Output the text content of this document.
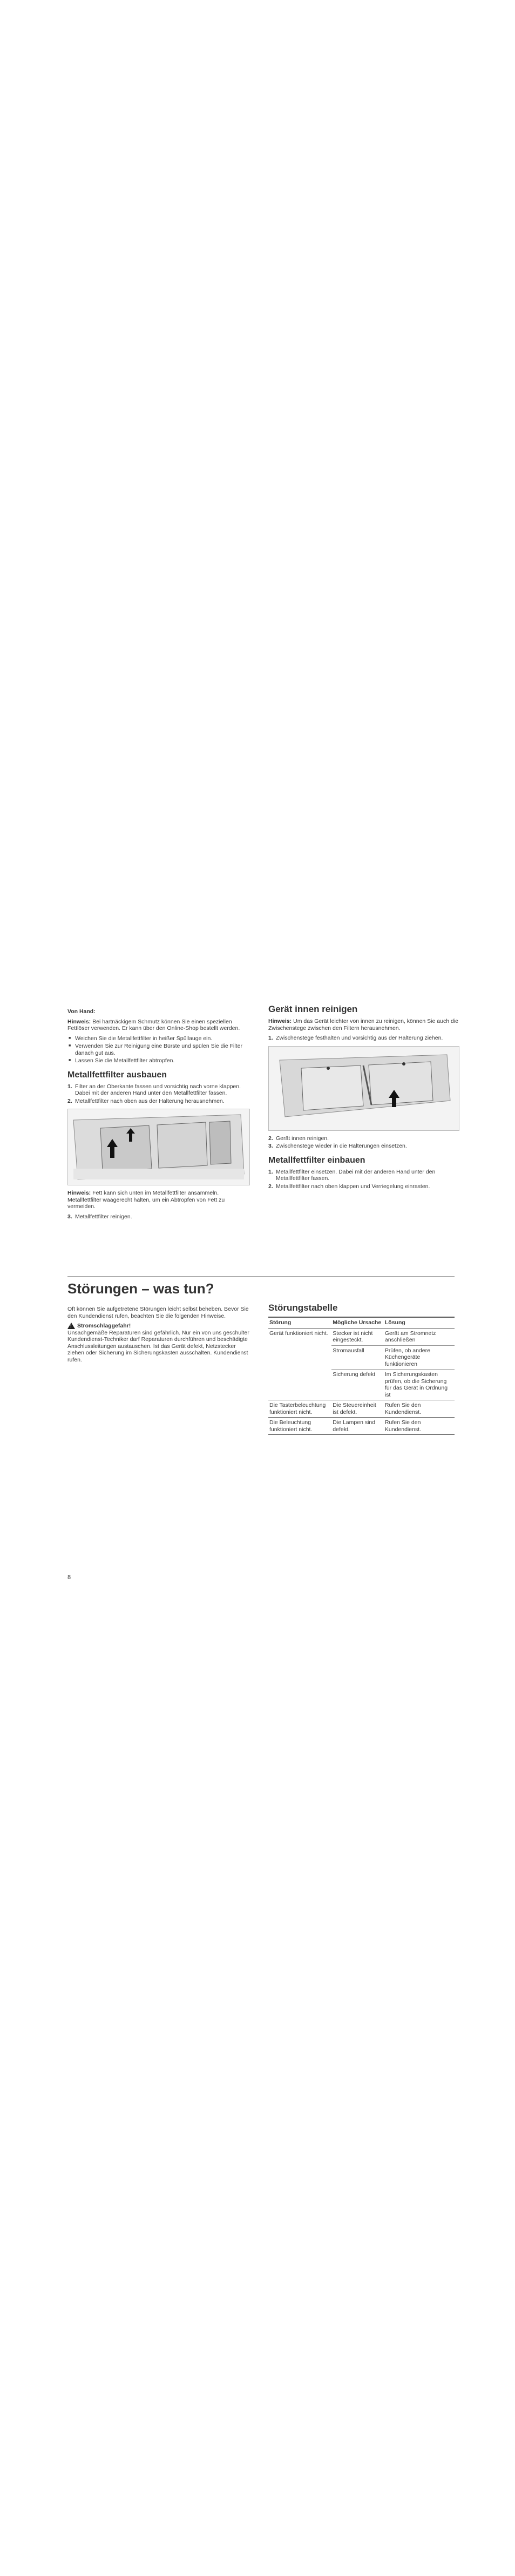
Von Hand:

Hinweis: Bei hartnäckigem Schmutz können Sie einen speziellen Fettlöser verwenden. Er kann über den Online-Shop bestellt werden.

■ Weichen Sie die Metallfettfilter in heißer Spüllauge ein.
■ Verwenden Sie zur Reinigung eine Bürste und spülen Sie die Filter danach gut aus.
■ Lassen Sie die Metallfettfilter abtropfen.
Metallfettfilter ausbauen
1. Filter an der Oberkante fassen und vorsichtig nach vorne klappen. Dabei mit der anderen Hand unter den Metallfettfilter fassen.
2. Metallfettfilter nach oben aus der Halterung herausnehmen.

Hinweis: Fett kann sich unten im Metallfettfilter ansammeln. Metallfettfilter waagerecht halten, um ein Abtropfen von Fett zu vermeiden.

3. Metallfettfilter reinigen.
Gerät innen reinigen

Hinweis: Um das Gerät leichter von innen zu reinigen, können Sie auch die Zwischenstege zwischen den Filtern herausnehmen.

1. Zwischenstege festhalten und vorsichtig aus der Halterung ziehen.
2. Gerät innen reinigen.
3. Zwischenstege wieder in die Halterungen einsetzen.
Metallfettfilter einbauen
1. Metallfettfilter einsetzen. Dabei mit der anderen Hand unter den Metallfettfilter fassen.
2. Metallfettfilter nach oben klappen und Verriegelung einrasten.
Störungen – was tun?

Oft können Sie aufgetretene Störungen leicht selbst beheben. Bevor Sie den Kundendienst rufen, beachten Sie die folgenden Hinweise.

!
Stromschlaggefahr!

Unsachgemäße Reparaturen sind gefährlich. Nur ein von uns geschulter Kundendienst-Techniker darf Reparaturen durchführen und beschädigte Anschlussleitungen austauschen. Ist das Gerät defekt, Netzstecker ziehen oder Sicherung im Sicherungskasten ausschalten. Kundendienst rufen.

Störungstabelle
Störung	Mögliche Ursache	Lösung
Gerät funktioniert nicht.	Stecker ist nicht eingesteckt.	Gerät am Stromnetz anschließen
	Stromausfall	Prüfen, ob andere Küchengeräte funktionieren
	Sicherung defekt	Im Sicherungskasten prüfen, ob die Sicherung für das Gerät in Ordnung ist
Die Tasterbeleuchtung funktioniert nicht.	Die Steuereinheit ist defekt.	Rufen Sie den Kundendienst.
Die Beleuchtung funktioniert nicht.	Die Lampen sind defekt.	Rufen Sie den Kundendienst.
8
